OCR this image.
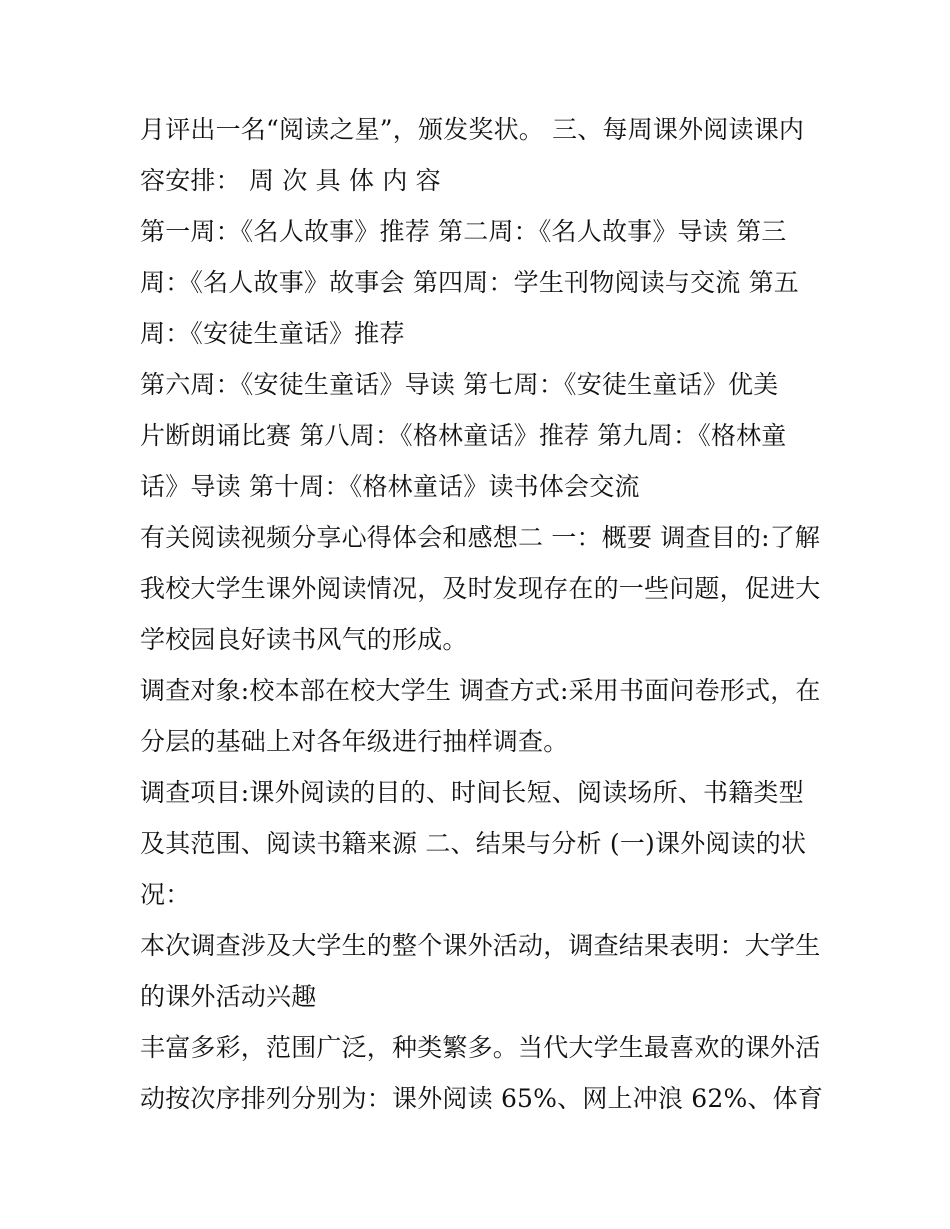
月评出一名“阅读之星”，颁发奖状。 三、每周课外阅读课内
容安排： 周 次 具 体 内 容
第一周：《名人故事》推荐 第二周：《名人故事》导读 第三
周：《名人故事》故事会 第四周：学生刊物阅读与交流 第五
周：《安徒生童话》推荐
第六周：《安徒生童话》导读 第七周：《安徒生童话》优美
片断朗诵比赛 第八周：《格林童话》推荐 第九周：《格林童
话》导读 第十周：《格林童话》读书体会交流
有关阅读视频分享心得体会和感想二 一：概要 调查目的:了解
我校大学生课外阅读情况，及时发现存在的一些问题，促进大
学校园良好读书风气的形成。
调查对象:校本部在校大学生 调查方式:采用书面问卷形式，在
分层的基础上对各年级进行抽样调查。
调查项目:课外阅读的目的、时间长短、阅读场所、书籍类型
及其范围、阅读书籍来源 二、结果与分析 (一)课外阅读的状
况：
本次调查涉及大学生的整个课外活动，调查结果表明：大学生
的课外活动兴趣
丰富多彩，范围广泛，种类繁多。当代大学生最喜欢的课外活
动按次序排列分别为：课外阅读 65%、网上冲浪 62%、体育
